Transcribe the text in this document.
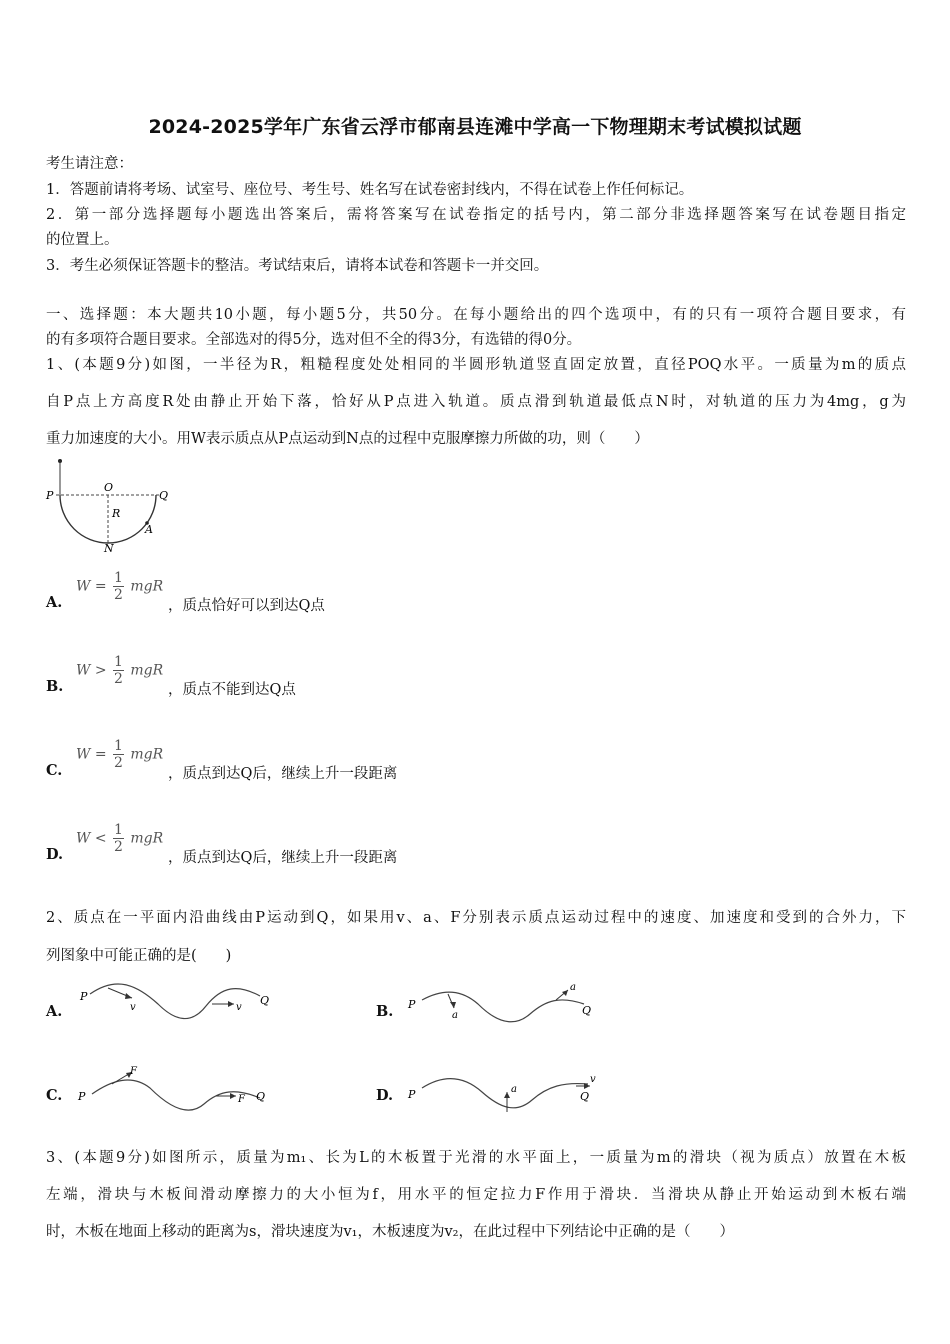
2024-2025学年广东省云浮市郁南县连滩中学高一下物理期末考试模拟试题
考生请注意：
1．答题前请将考场、试室号、座位号、考生号、姓名写在试卷密封线内，不得在试卷上作任何标记。
2．第一部分选择题每小题选出答案后，需将答案写在试卷指定的括号内，第二部分非选择题答案写在试卷题目指定
的位置上。
3．考生必须保证答题卡的整洁。考试结束后，请将本试卷和答题卡一并交回。
一、选择题：本大题共10小题，每小题5分，共50分。在每小题给出的四个选项中，有的只有一项符合题目要求，有
的有多项符合题目要求。全部选对的得5分，选对但不全的得3分，有选错的得0分。
1、(本题9分)如图，一半径为R，粗糙程度处处相同的半圆形轨道竖直固定放置，直径POQ水平。一质量为m的质点
自P点上方高度R处由静止开始下落，恰好从P点进入轨道。质点滑到轨道最低点N时，对轨道的压力为4mg，g为
重力加速度的大小。用W表示质点从P点运动到N点的过程中克服摩擦力所做的功，则（　　）
P
O
Q
R
A
N
A.
$W = \frac{1}{2}$ mgR
，质点恰好可以到达Q点
B.
$W > \frac{1}{2}$ mgR
，质点不能到达Q点
C.
$W = \frac{1}{2}$ mgR
，质点到达Q后，继续上升一段距离
D.
$W < \frac{1}{2}$ mgR
，质点到达Q后，继续上升一段距离
2、质点在一平面内沿曲线由P运动到Q，如果用v、a、F分别表示质点运动过程中的速度、加速度和受到的合外力，下
列图象中可能正确的是(　　)
A.
P	Q
v	v	B. P	Q
a
a
C. P	Q
F
F	D. P	Q
a
v
3、(本题9分)如图所示，质量为m₁、长为L的木板置于光滑的水平面上，一质量为m的滑块（视为质点）放置在木板
左端，滑块与木板间滑动摩擦力的大小恒为f，用水平的恒定拉力F作用于滑块．当滑块从静止开始运动到木板右端
时，木板在地面上移动的距离为s，滑块速度为v₁，木板速度为v₂，在此过程中下列结论中正确的是（　　）
